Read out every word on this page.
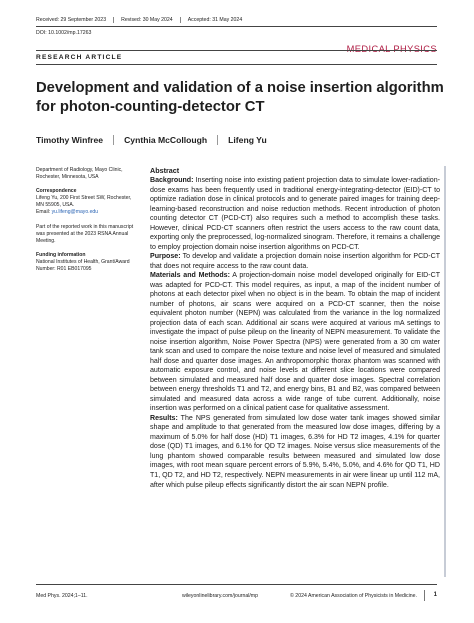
Received: 29 September 2023	Revised: 30 May 2024	Accepted: 31 May 2024
DOI: 10.1002/mp.17263
MEDICAL PHYSICS
RESEARCH ARTICLE
Development and validation of a noise insertion algorithm for photon-counting-detector CT
Timothy Winfree Cynthia McCollough Lifeng Yu

Department of Radiology, Mayo Clinic, Rochester, Minnesota, USA

Correspondence
Lifeng Yu, 200 First Street SW, Rochester, MN 55905, USA.
Email: yu.lifeng@mayo.edu

Part of the reported work in this manuscript was presented at the 2023 RSNA Annual Meeting.

Funding information
National Institutes of Health, Grant/Award Number: R01 EB017095

Abstract

Background: Inserting noise into existing patient projection data to simulate lower-radiation-dose exams has been frequently used in traditional energy-integrating-detector (EID)-CT to optimize radiation dose in clinical protocols and to generate paired images for training deep-learning-based reconstruction and noise reduction methods. Recent introduction of photon counting detector CT (PCD-CT) also requires such a method to accomplish these tasks. However, clinical PCD-CT scanners often restrict the users access to the raw count data, exporting only the preprocessed, log-normalized sinogram. Therefore, it remains a challenge to employ projection domain noise insertion algorithms on PCD-CT.

Purpose: To develop and validate a projection domain noise insertion algorithm for PCD-CT that does not require access to the raw count data.

Materials and Methods: A projection-domain noise model developed originally for EID-CT was adapted for PCD-CT. This model requires, as input, a map of the incident number of photons at each detector pixel when no object is in the beam. To obtain the map of incident number of photons, air scans were acquired on a PCD-CT scanner, then the noise equivalent photon number (NEPN) was calculated from the variance in the log normalized projection data of each scan. Additional air scans were acquired at various mA settings to investigate the impact of pulse pileup on the linearity of NEPN measurement. To validate the noise insertion algorithm, Noise Power Spectra (NPS) were generated from a 30 cm water tank scan and used to compare the noise texture and noise level of measured and simulated half dose and quarter dose images. An anthropomorphic thorax phantom was scanned with automatic exposure control, and noise levels at different slice locations were compared between simulated and measured half dose and quarter dose images. Spectral correlation between energy thresholds T1 and T2, and energy bins, B1 and B2, was compared between simulated and measured data across a wide range of tube current. Additionally, noise insertion was performed on a clinical patient case for qualitative assessment.

Results: The NPS generated from simulated low dose water tank images showed similar shape and amplitude to that generated from the measured low dose images, differing by a maximum of 5.0% for half dose (HD) T1 images, 6.3% for HD T2 images, 4.1% for quarter dose (QD) T1 images, and 6.1% for QD T2 images. Noise versus slice measurements of the lung phantom showed comparable results between measured and simulated low dose images, with root mean square percent errors of 5.9%, 5.4%, 5.0%, and 4.6% for QD T1, HD T1, QD T2, and HD T2, respectively. NEPN measurements in air were linear up until 112 mA, after which pulse pileup effects significantly distort the air scan NEPN profile.

Med Phys. 2024;1–11.	wileyonlinelibrary.com/journal/mp	© 2024 American Association of Physicists in Medicine.	1
